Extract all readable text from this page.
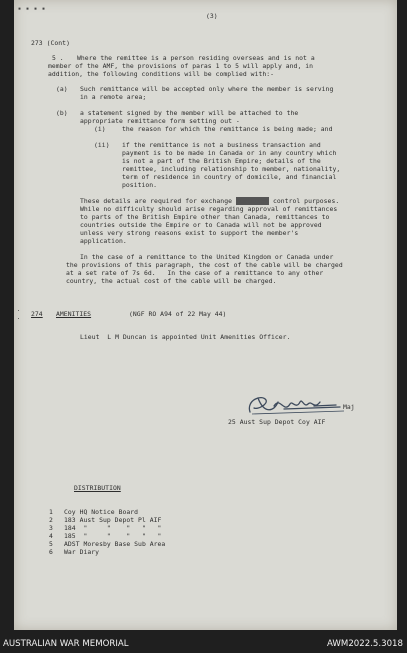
▪ ▪ ▪ ▪
(3)
273 (Cont)
5 . Where the remittee is a person residing overseas and is not a
member of the AMF, the provisions of paras 1 to 5 will apply and, in
addition, the following conditions will be complied with:-
(a) Such remittance will be accepted only where the member is serving
in a remote area;
(b) a statement signed by the member will be attached to the
appropriate remittance form setting out -
(i)	the reason for which the remittance is being made; and
(ii) if the remittance is not a business transaction and
payment is to be made in Canada or in any country which
is not a part of the British Empire; details of the
remittee, including relationship to member, nationality,
term of residence in country of domicile, and financial
position.
These details are required for exchange purposes control purposes.
While no difficulty should arise regarding approval of remittances
to parts of the British Empire other than Canada, remittances to
countries outside the Empire or to Canada will not be approved
unless very strong reasons exist to support the member's
application.
In the case of a remittance to the United Kingdom or Canada under
the provisions of this paragraph, the cost of the cable will be charged
at a set rate of 7s 6d.   In the case of a remittance to any other
country, the actual cost of the cable will be charged.
274 AMENITIES	(NGF RO A94 of 22 May 44)
Lieut  L M Duncan is appointed Unit Amenities Officer.
Maj
25 Aust Sup Depot Coy AIF
DISTRIBUTION
1 Coy HQ Notice Board
2 183 Aust Sup Depot Pl AIF
3 184  "     "    "   "   "
4 185  "     "    "   "   "
5 ADST Moresby Base Sub Area
6 War Diary
AUSTRALIAN WAR MEMORIAL	AWM2022.5.3018
